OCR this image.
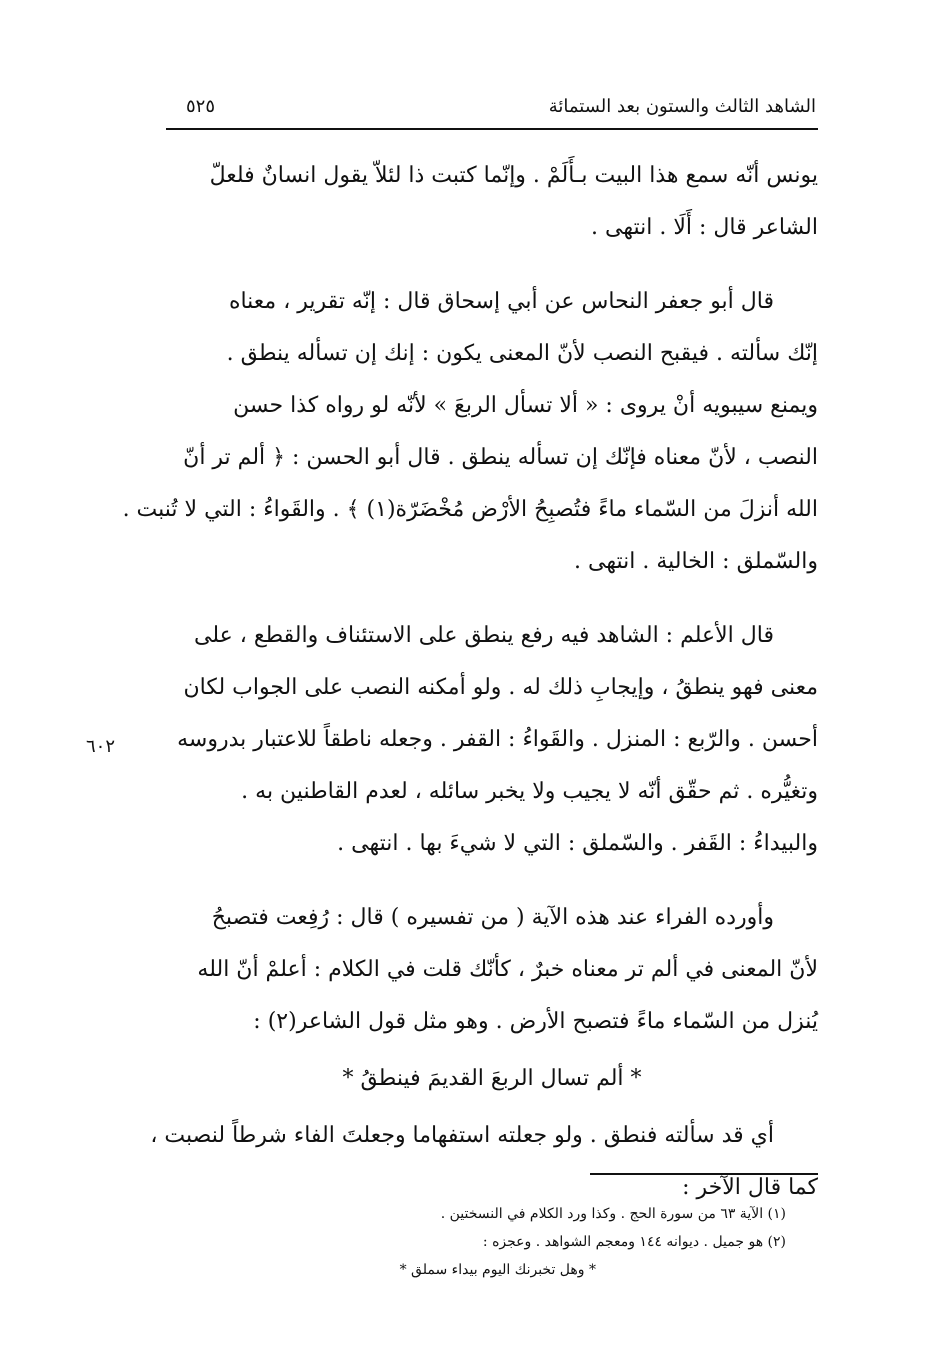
الشاهد الثالث والستون بعد الستمائة
٥٢٥
٦٠٢
يونس أنّه سمع هذا البيت بـأَلَمْ . وإنّما كتبت ذا لئلاّ يقول انسانٌ فلعلّ
الشاعر قال : أَلَا . انتهى .
قال أبو جعفر النحاس عن أبي إسحاق قال : إنّه تقرير ، معناه
إنّك سألته . فيقبح النصب لأنّ المعنى يكون : إنك إن تسأله ينطق .
ويمنع سيبويه أنْ يروى : « ألا تسأل الربعَ » لأنّه لو رواه كذا حسن
النصب ، لأنّ معناه فإنّك إن تسأله ينطق . قال أبو الحسن : ﴿ ألم تر أنّ
الله أنزلَ من السّماء ماءً فتُصبِحُ الأرْض مُخْضَرّة(١) ﴾ . والقَواءُ : التي لا تُنبت .
والسّملق : الخالية . انتهى .
قال الأعلم : الشاهد فيه رفع ينطق على الاستئناف والقطع ، على
معنى فهو ينطقُ ، وإيجابِ ذلك له . ولو أمكنه النصب على الجواب لكان
أحسن . والرّبع : المنزل . والقَواءُ : القفر . وجعله ناطقاً للاعتبار بدروسه
وتغيُّره . ثم حقّق أنّه لا يجيب ولا يخبر سائله ، لعدم القاطنين به .
والبيداءُ : القَفر . والسّملق : التي لا شيءَ بها . انتهى .
وأورده الفراء عند هذه الآية ( من تفسيره ) قال : رُفِعت فتصبحُ
لأنّ المعنى في ألم تر معناه خبرٌ ، كأنّك قلت في الكلام : أعلمْ أنّ الله
يُنزل من السّماء ماءً فتصبح الأرض . وهو مثل قول الشاعر(٢) :
* ألم تسال الربعَ القديمَ فينطقُ *
أي قد سألته فنطق . ولو جعلته استفهاما وجعلتَ الفاء شرطاً لنصبت ،
كما قال الآخر :
(١) الآية ٦٣ من سورة الحج . وكذا ورد الكلام في النسختين .
(٢) هو جميل . ديوانه ١٤٤ ومعجم الشواهد . وعجزه :
* وهل تخبرنك اليوم بيداء سملق *
